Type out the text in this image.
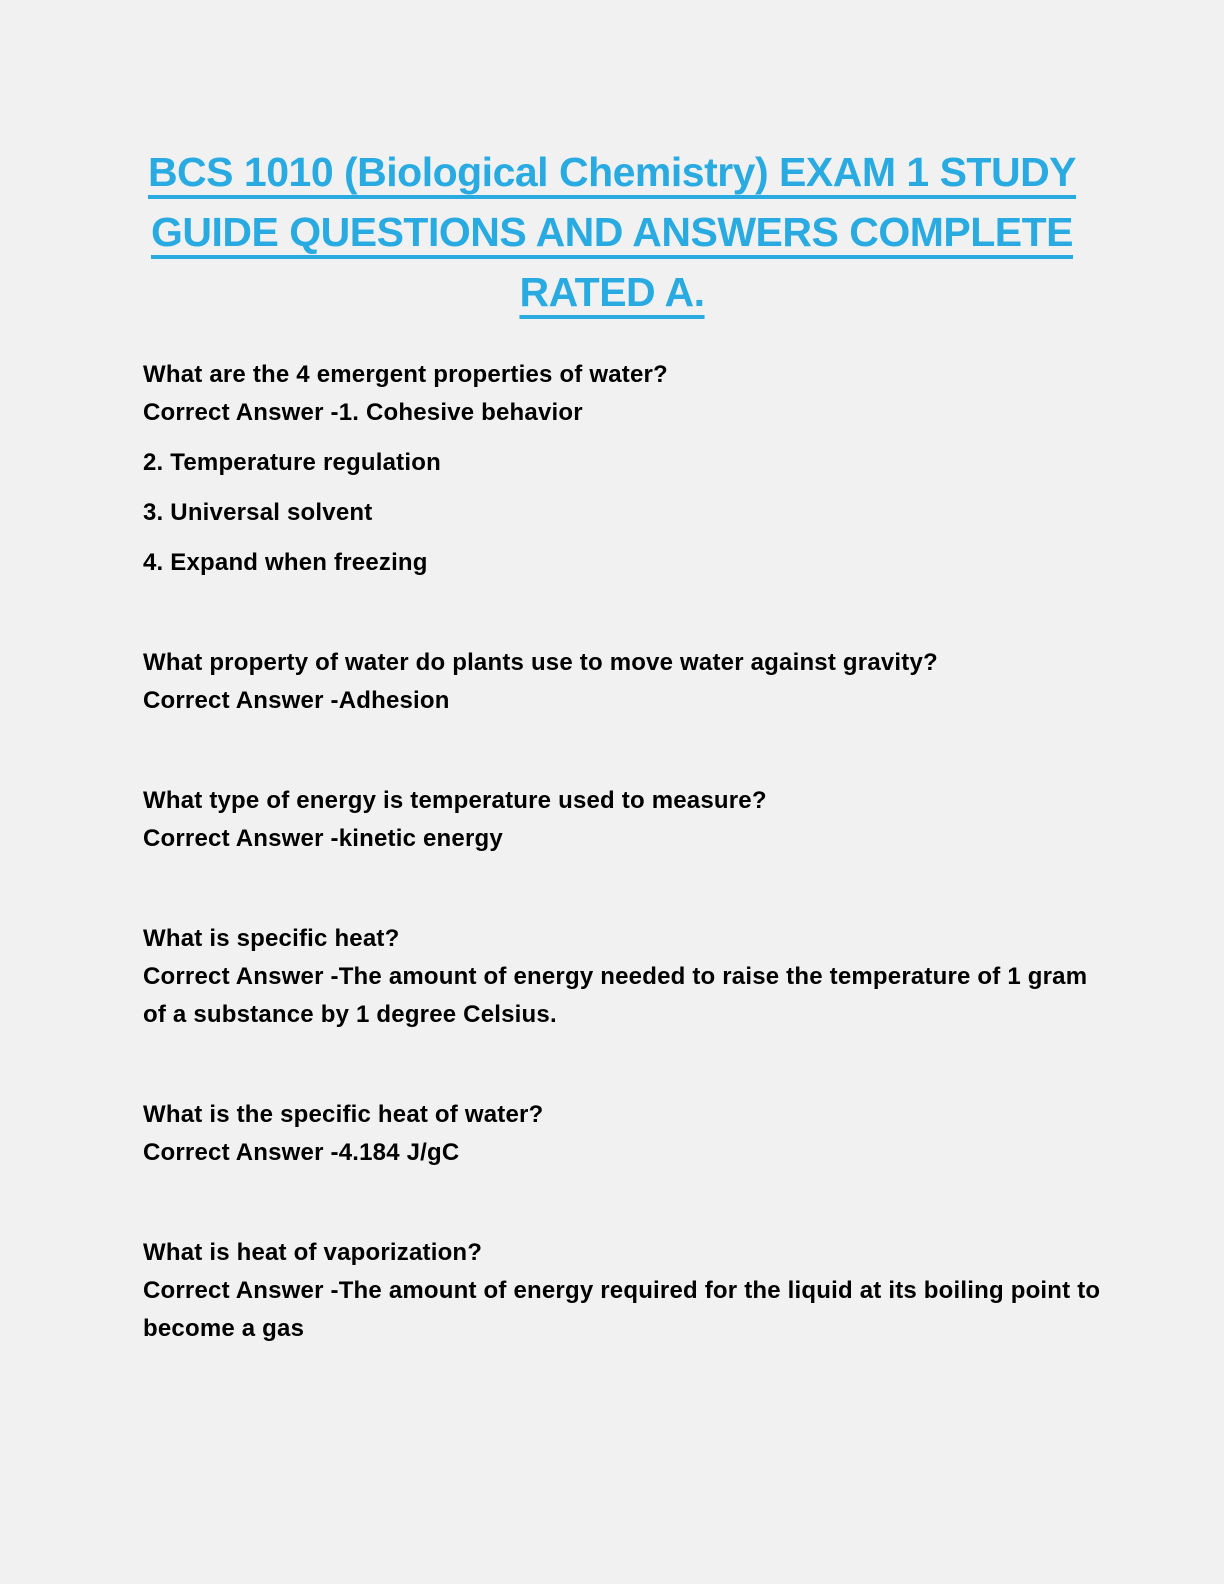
BCS 1010 (Biological Chemistry) EXAM 1 STUDY GUIDE QUESTIONS AND ANSWERS COMPLETE RATED A.

What are the 4 emergent properties of water?

Correct Answer -1. Cohesive behavior

2. Temperature regulation

3. Universal solvent

4. Expand when freezing

What property of water do plants use to move water against gravity?

Correct Answer -Adhesion

What type of energy is temperature used to measure?

Correct Answer -kinetic energy

What is specific heat?

Correct Answer -The amount of energy needed to raise the temperature of 1 gram of a substance by 1 degree Celsius.

What is the specific heat of water?

Correct Answer -4.184 J/gC

What is heat of vaporization?

Correct Answer -The amount of energy required for the liquid at its boiling point to become a gas
